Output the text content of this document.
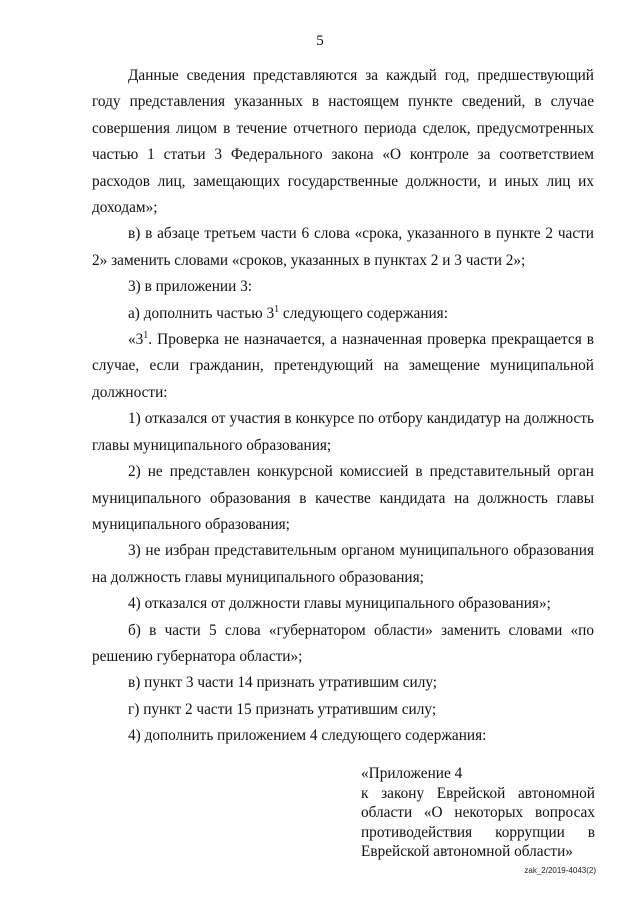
5

Данные сведения представляются за каждый год, предшествующий году представления указанных в настоящем пункте сведений, в случае совершения лицом в течение отчетного периода сделок, предусмотренных частью 1 статьи 3 Федерального закона «О контроле за соответствием расходов лиц, замещающих государственные должности, и иных лиц их доходам»;

в) в абзаце третьем части 6 слова «срока, указанного в пункте 2 части 2» заменить словами «сроков, указанных в пунктах 2 и 3 части 2»;

3) в приложении 3:

а) дополнить частью $3^1$ следующего содержания:

«$3^1$. Проверка не назначается, а назначенная проверка прекращается в случае, если гражданин, претендующий на замещение муниципальной должности:

1) отказался от участия в конкурсе по отбору кандидатур на должность главы муниципального образования;

2) не представлен конкурсной комиссией в представительный орган муниципального образования в качестве кандидата на должность главы муниципального образования;

3) не избран представительным органом муниципального образования на должность главы муниципального образования;

4) отказался от должности главы муниципального образования»;

б) в части 5 слова «губернатором области» заменить словами «по решению губернатора области»;

в) пункт 3 части 14 признать утратившим силу;

г) пункт 2 части 15 признать утратившим силу;

4) дополнить приложением 4 следующего содержания:

«Приложение 4
к закону Еврейской автономной
области «О некоторых вопросах
противодействия коррупции в
Еврейской автономной области»
zak_2/2019-4043(2)
